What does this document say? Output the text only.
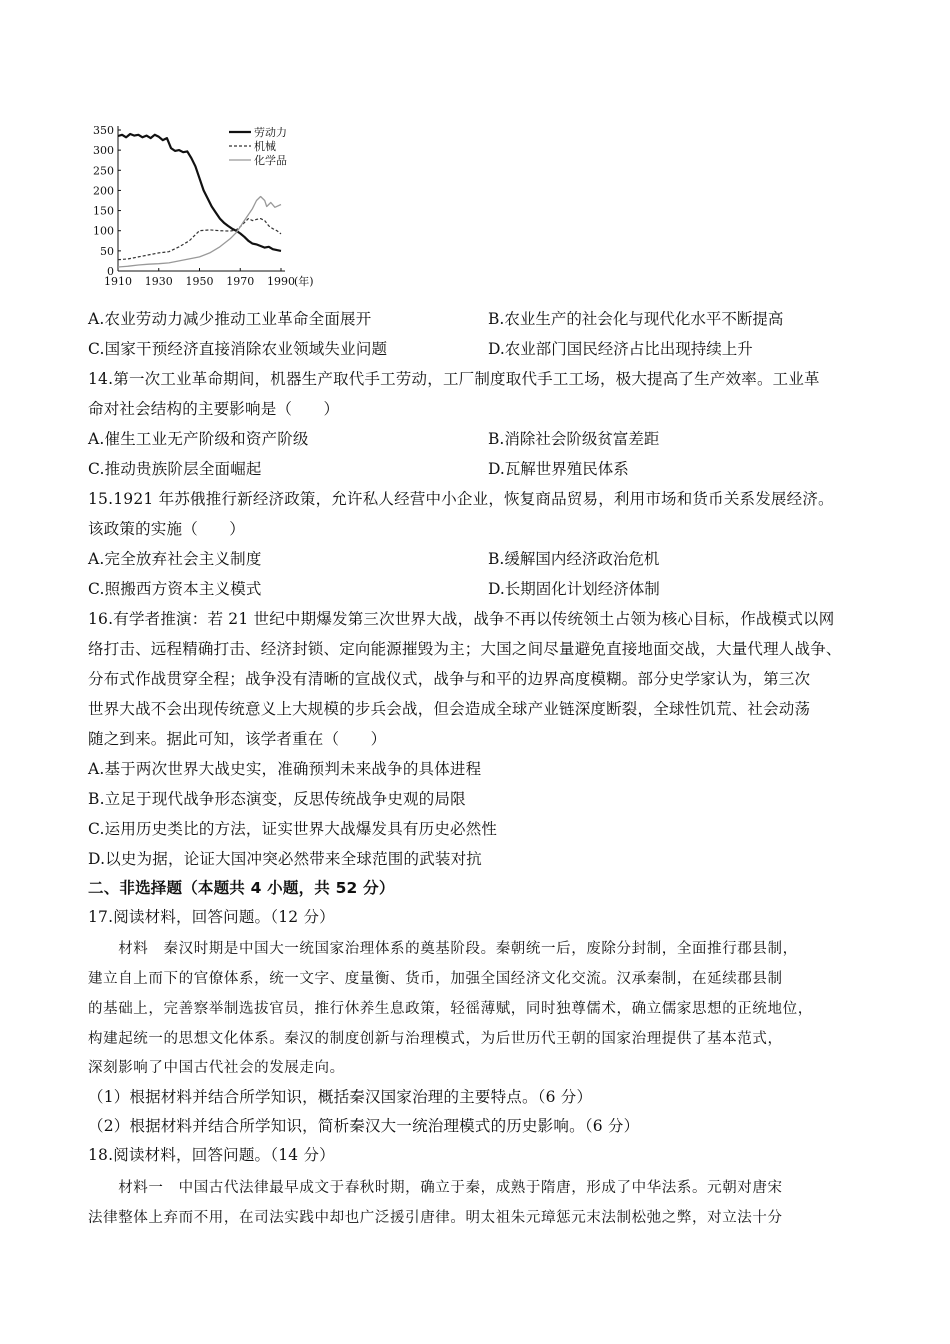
0
50
100
150
200
250
300
350
1910 1930 1950 1970 1990 (年)
劳动力
机械
化学品
A.农业劳动力减少推动工业革命全面展开	B.农业生产的社会化与现代化水平不断提高
C.国家干预经济直接消除农业领域失业问题	D.农业部门国民经济占比出现持续上升
14.第一次工业革命期间，机器生产取代手工劳动，工厂制度取代手工工场，极大提高了生产效率。工业革
命对社会结构的主要影响是（　　）
A.催生工业无产阶级和资产阶级	B.消除社会阶级贫富差距
C.推动贵族阶层全面崛起	D.瓦解世界殖民体系
15.1921 年苏俄推行新经济政策，允许私人经营中小企业，恢复商品贸易，利用市场和货币关系发展经济。
该政策的实施（　　）
A.完全放弃社会主义制度	B.缓解国内经济政治危机
C.照搬西方资本主义模式	D.长期固化计划经济体制
16.有学者推演：若 21 世纪中期爆发第三次世界大战，战争不再以传统领土占领为核心目标，作战模式以网
络打击、远程精确打击、经济封锁、定向能源摧毁为主；大国之间尽量避免直接地面交战，大量代理人战争、
分布式作战贯穿全程；战争没有清晰的宣战仪式，战争与和平的边界高度模糊。部分史学家认为，第三次
世界大战不会出现传统意义上大规模的步兵会战，但会造成全球产业链深度断裂，全球性饥荒、社会动荡
随之到来。据此可知，该学者重在（　　）
A.基于两次世界大战史实，准确预判未来战争的具体进程
B.立足于现代战争形态演变，反思传统战争史观的局限
C.运用历史类比的方法，证实世界大战爆发具有历史必然性
D.以史为据，论证大国冲突必然带来全球范围的武装对抗
二、非选择题（本题共 4 小题，共 52 分）
17.阅读材料，回答问题。（12 分）
　　材料　秦汉时期是中国大一统国家治理体系的奠基阶段。秦朝统一后，废除分封制，全面推行郡县制，
建立自上而下的官僚体系，统一文字、度量衡、货币，加强全国经济文化交流。汉承秦制，在延续郡县制
的基础上，完善察举制选拔官员，推行休养生息政策，轻徭薄赋，同时独尊儒术，确立儒家思想的正统地位，
构建起统一的思想文化体系。秦汉的制度创新与治理模式，为后世历代王朝的国家治理提供了基本范式，
深刻影响了中国古代社会的发展走向。
（1）根据材料并结合所学知识，概括秦汉国家治理的主要特点。（6 分）
（2）根据材料并结合所学知识，简析秦汉大一统治理模式的历史影响。（6 分）
18.阅读材料，回答问题。（14 分）
　　材料一　中国古代法律最早成文于春秋时期，确立于秦，成熟于隋唐，形成了中华法系。元朝对唐宋
法律整体上弃而不用，在司法实践中却也广泛援引唐律。明太祖朱元璋惩元末法制松弛之弊，对立法十分
